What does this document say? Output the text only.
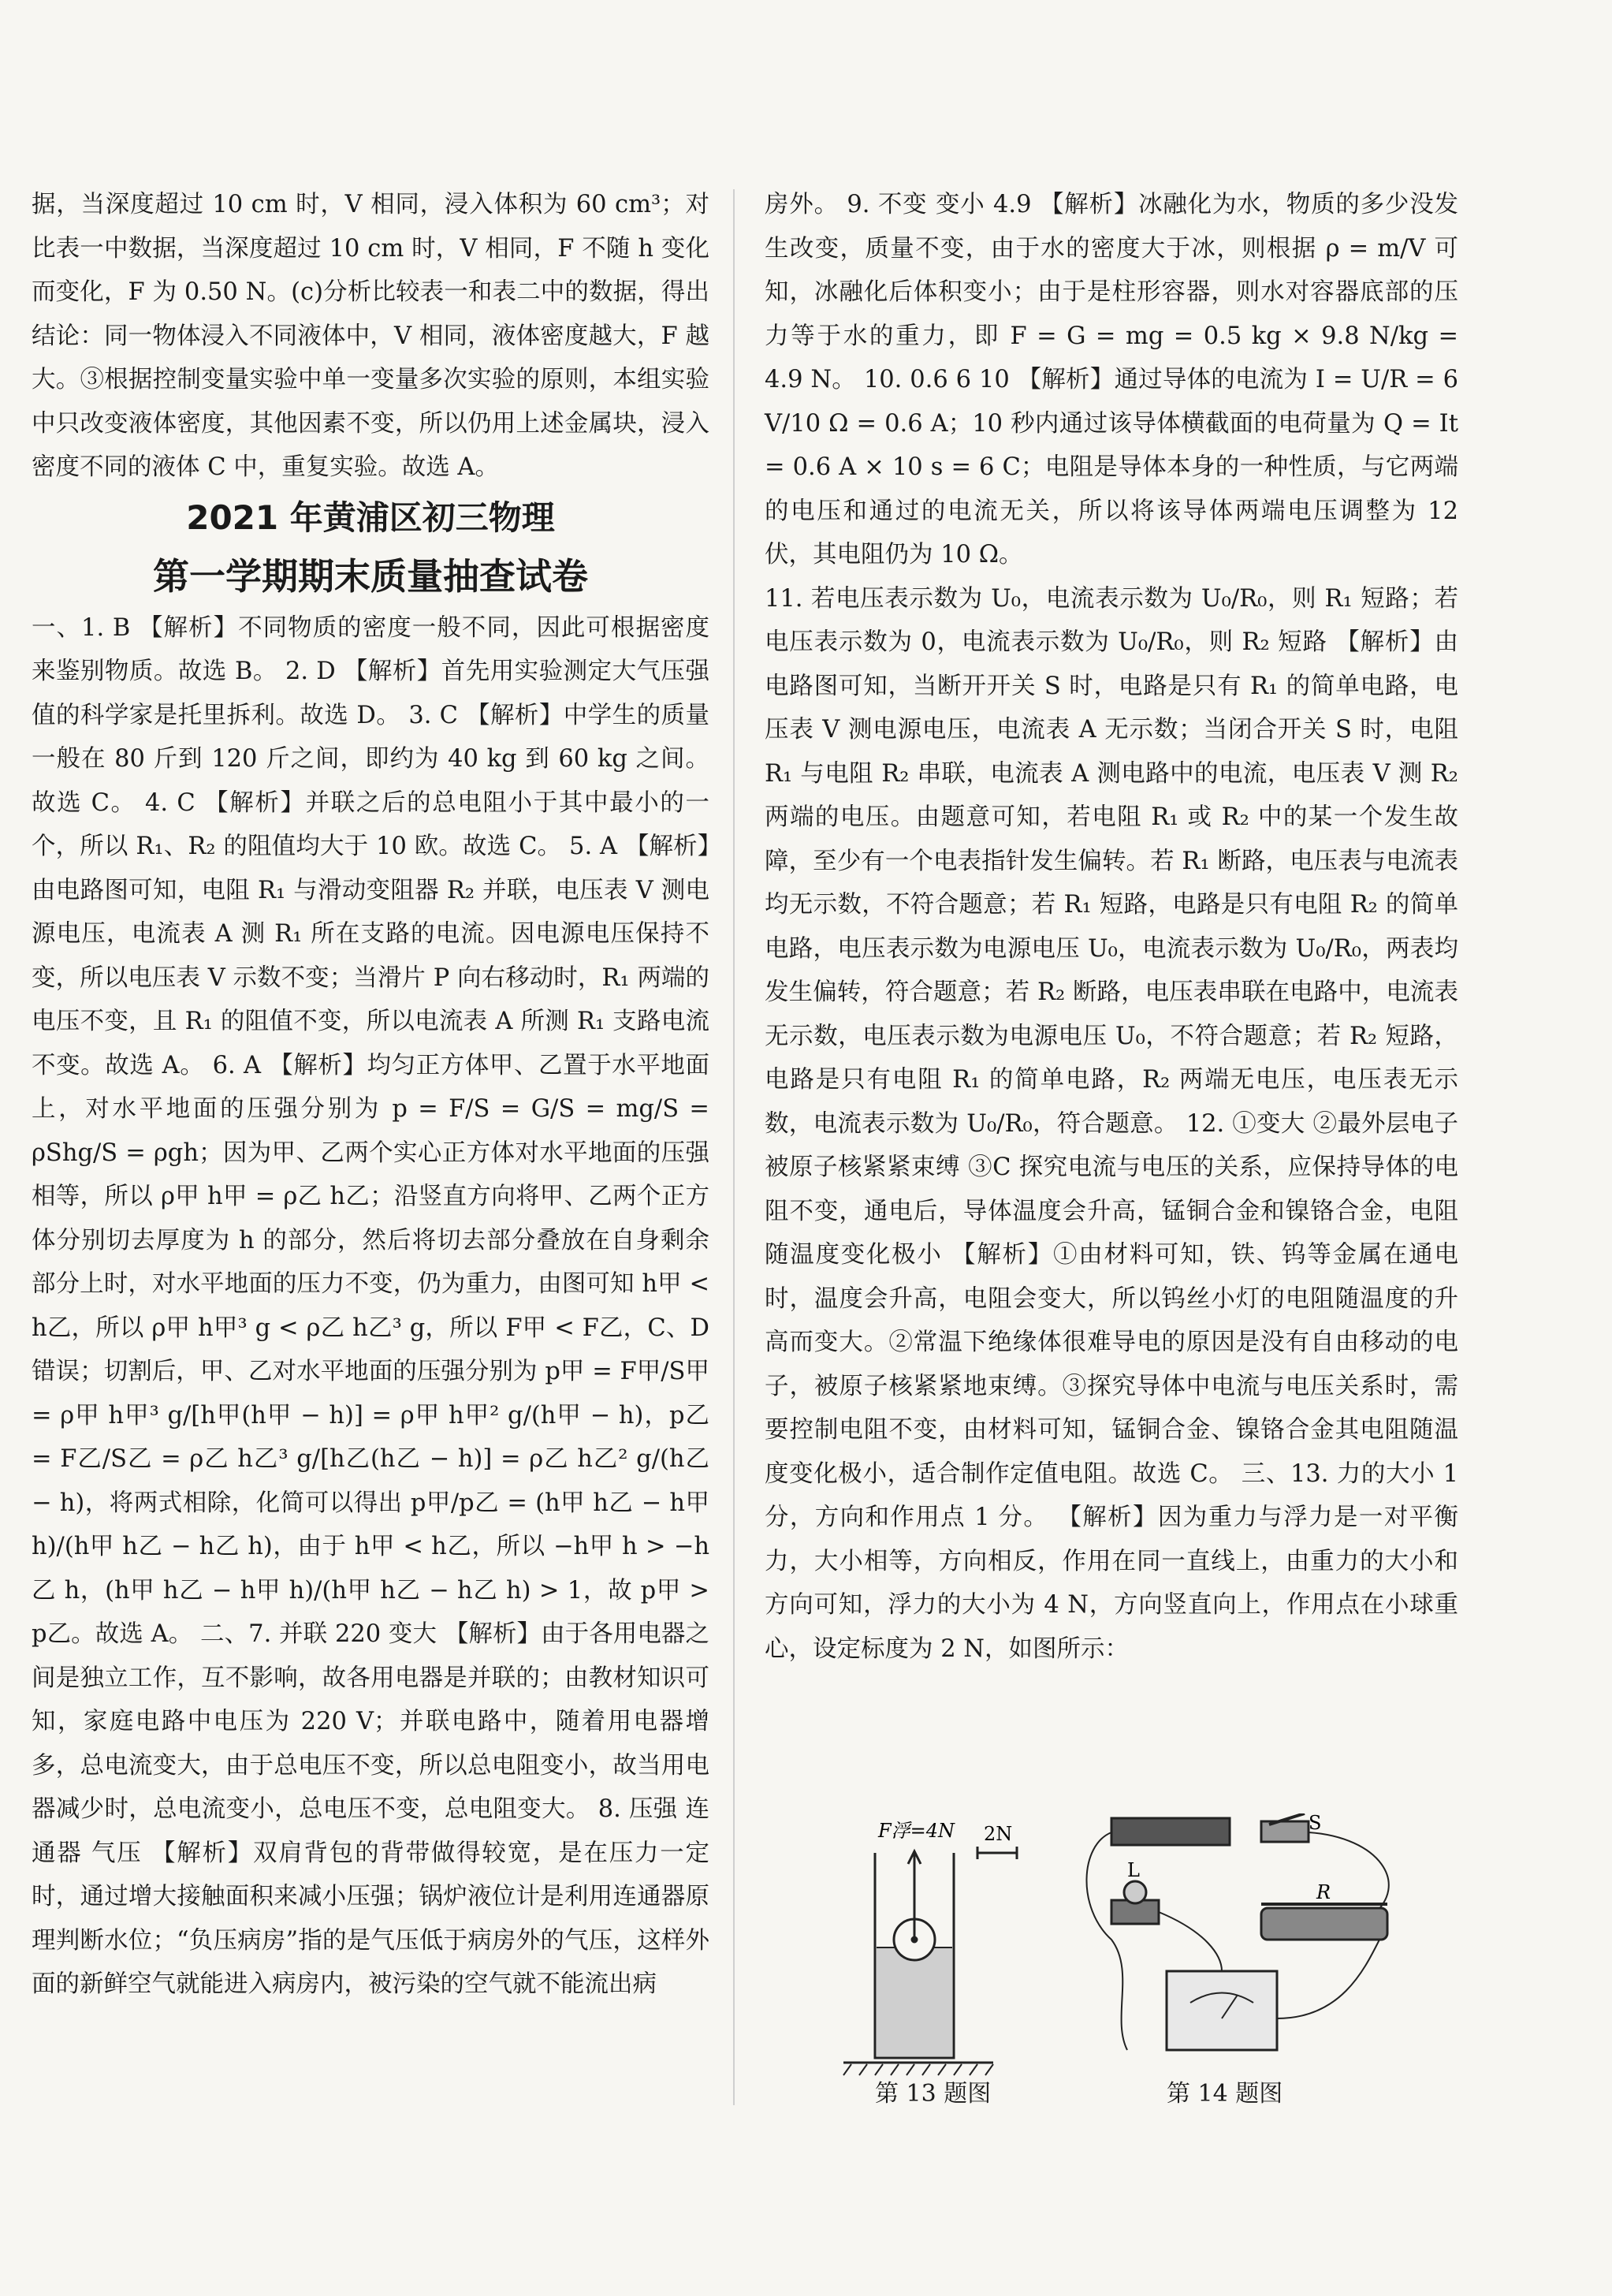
据，当深度超过 10 cm 时，V 相同，浸入体积为 60 cm³；对比表一中数据，当深度超过 10 cm 时，V 相同，F 不随 h 变化而变化，F 为 0.50 N。(c)分析比较表一和表二中的数据，得出结论：同一物体浸入不同液体中，V 相同，液体密度越大，F 越大。③根据控制变量实验中单一变量多次实验的原则，本组实验中只改变液体密度，其他因素不变，所以仍用上述金属块，浸入密度不同的液体 C 中，重复实验。故选 A。

2021 年黄浦区初三物理

第一学期期末质量抽查试卷

一、1. B 【解析】不同物质的密度一般不同，因此可根据密度来鉴别物质。故选 B。 2. D 【解析】首先用实验测定大气压强值的科学家是托里拆利。故选 D。 3. C 【解析】中学生的质量一般在 80 斤到 120 斤之间，即约为 40 kg 到 60 kg 之间。故选 C。 4. C 【解析】并联之后的总电阻小于其中最小的一个，所以 R₁、R₂ 的阻值均大于 10 欧。故选 C。 5. A 【解析】由电路图可知，电阻 R₁ 与滑动变阻器 R₂ 并联，电压表 V 测电源电压，电流表 A 测 R₁ 所在支路的电流。因电源电压保持不变，所以电压表 V 示数不变；当滑片 P 向右移动时，R₁ 两端的电压不变，且 R₁ 的阻值不变，所以电流表 A 所测 R₁ 支路电流不变。故选 A。 6. A 【解析】均匀正方体甲、乙置于水平地面上，对水平地面的压强分别为 p = F/S = G/S = mg/S = ρShg/S = ρgh；因为甲、乙两个实心正方体对水平地面的压强相等，所以 ρ甲 h甲 = ρ乙 h乙；沿竖直方向将甲、乙两个正方体分别切去厚度为 h 的部分，然后将切去部分叠放在自身剩余部分上时，对水平地面的压力不变，仍为重力，由图可知 h甲 < h乙，所以 ρ甲 h甲³ g < ρ乙 h乙³ g，所以 F甲 < F乙，C、D 错误；切割后，甲、乙对水平地面的压强分别为 p甲 = F甲/S甲 = ρ甲 h甲³ g/[h甲(h甲 − h)] = ρ甲 h甲² g/(h甲 − h)，p乙 = F乙/S乙 = ρ乙 h乙³ g/[h乙(h乙 − h)] = ρ乙 h乙² g/(h乙 − h)，将两式相除，化简可以得出 p甲/p乙 = (h甲 h乙 − h甲 h)/(h甲 h乙 − h乙 h)，由于 h甲 < h乙，所以 −h甲 h > −h乙 h，(h甲 h乙 − h甲 h)/(h甲 h乙 − h乙 h) > 1，故 p甲 > p乙。故选 A。 二、7. 并联 220 变大 【解析】由于各用电器之间是独立工作，互不影响，故各用电器是并联的；由教材知识可知，家庭电路中电压为 220 V；并联电路中，随着用电器增多，总电流变大，由于总电压不变，所以总电阻变小，故当用电器减少时，总电流变小，总电压不变，总电阻变大。 8. 压强 连通器 气压 【解析】双肩背包的背带做得较宽，是在压力一定时，通过增大接触面积来减小压强；锅炉液位计是利用连通器原理判断水位；“负压病房”指的是气压低于病房外的气压，这样外面的新鲜空气就能进入病房内，被污染的空气就不能流出病

房外。 9. 不变 变小 4.9 【解析】冰融化为水，物质的多少没发生改变，质量不变，由于水的密度大于冰，则根据 ρ = m/V 可知，冰融化后体积变小；由于是柱形容器，则水对容器底部的压力等于水的重力，即 F = G = mg = 0.5 kg × 9.8 N/kg = 4.9 N。 10. 0.6 6 10 【解析】通过导体的电流为 I = U/R = 6 V/10 Ω = 0.6 A；10 秒内通过该导体横截面的电荷量为 Q = It = 0.6 A × 10 s = 6 C；电阻是导体本身的一种性质，与它两端的电压和通过的电流无关，所以将该导体两端电压调整为 12 伏，其电阻仍为 10 Ω。

11. 若电压表示数为 U₀，电流表示数为 U₀/R₀，则 R₁ 短路；若电压表示数为 0，电流表示数为 U₀/R₀，则 R₂ 短路 【解析】由电路图可知，当断开开关 S 时，电路是只有 R₁ 的简单电路，电压表 V 测电源电压，电流表 A 无示数；当闭合开关 S 时，电阻 R₁ 与电阻 R₂ 串联，电流表 A 测电路中的电流，电压表 V 测 R₂ 两端的电压。由题意可知，若电阻 R₁ 或 R₂ 中的某一个发生故障，至少有一个电表指针发生偏转。若 R₁ 断路，电压表与电流表均无示数，不符合题意；若 R₁ 短路，电路是只有电阻 R₂ 的简单电路，电压表示数为电源电压 U₀，电流表示数为 U₀/R₀，两表均发生偏转，符合题意；若 R₂ 断路，电压表串联在电路中，电流表无示数，电压表示数为电源电压 U₀，不符合题意；若 R₂ 短路，电路是只有电阻 R₁ 的简单电路，R₂ 两端无电压，电压表无示数，电流表示数为 U₀/R₀，符合题意。 12. ①变大 ②最外层电子被原子核紧紧束缚 ③C 探究电流与电压的关系，应保持导体的电阻不变，通电后，导体温度会升高，锰铜合金和镍铬合金，电阻随温度变化极小 【解析】①由材料可知，铁、钨等金属在通电时，温度会升高，电阻会变大，所以钨丝小灯的电阻随温度的升高而变大。②常温下绝缘体很难导电的原因是没有自由移动的电子，被原子核紧紧地束缚。③探究导体中电流与电压关系时，需要控制电阻不变，由材料可知，锰铜合金、镍铬合金其电阻随温度变化极小，适合制作定值电阻。故选 C。 三、13. 力的大小 1 分，方向和作用点 1 分。 【解析】因为重力与浮力是一对平衡力，大小相等，方向相反，作用在同一直线上，由重力的大小和方向可知，浮力的大小为 4 N，方向竖直向上，作用点在小球重心，设定标度为 2 N，如图所示：

F浮=4N 2N
第 13 题图
S
L
R
第 14 题图
